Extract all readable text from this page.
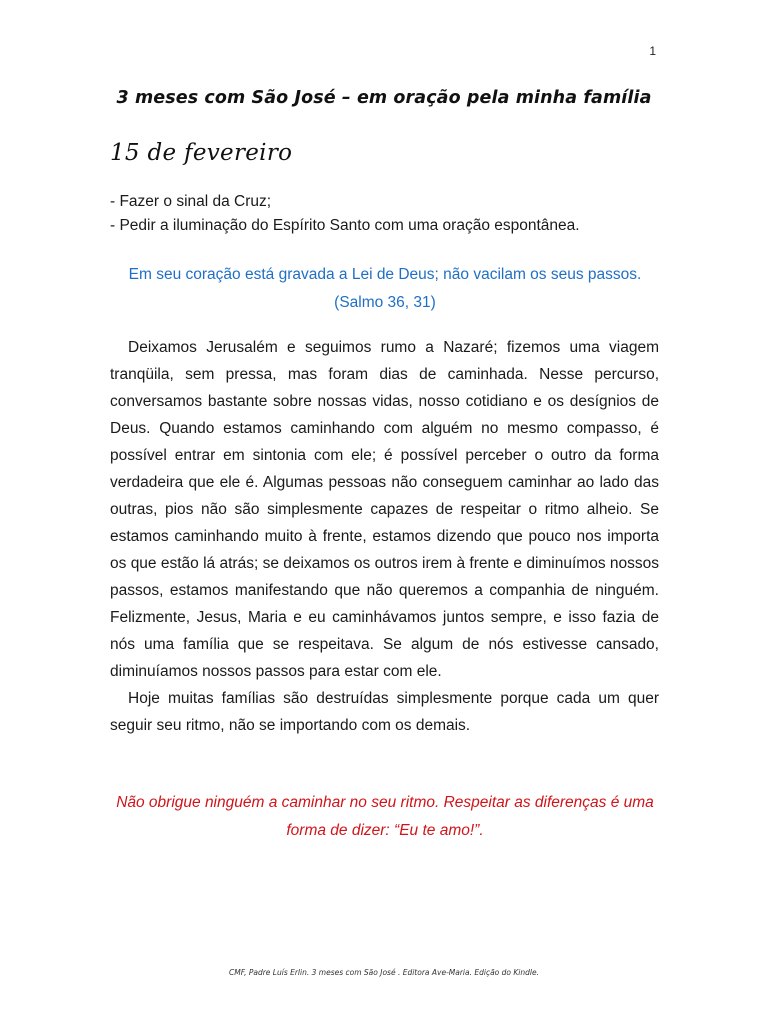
1
3 meses com São José – em oração pela minha família
15 de fevereiro
- Fazer o sinal da Cruz;
- Pedir a iluminação do Espírito Santo com uma oração espontânea.
Em seu coração está gravada a Lei de Deus; não vacilam os seus passos. (Salmo 36, 31)

Deixamos Jerusalém e seguimos rumo a Nazaré; fizemos uma viagem tranqüila, sem pressa, mas foram dias de caminhada. Nesse percurso, conversamos bastante sobre nossas vidas, nosso cotidiano e os desígnios de Deus. Quando estamos caminhando com alguém no mesmo compasso, é possível entrar em sintonia com ele; é possível perceber o outro da forma verdadeira que ele é. Algumas pessoas não conseguem caminhar ao lado das outras, pios não são simplesmente capazes de respeitar o ritmo alheio. Se estamos caminhando muito à frente, estamos dizendo que pouco nos importa os que estão lá atrás; se deixamos os outros irem à frente e diminuímos nossos passos, estamos manifestando que não queremos a companhia de ninguém. Felizmente, Jesus, Maria e eu caminhávamos juntos sempre, e isso fazia de nós uma família que se respeitava. Se algum de nós estivesse cansado, diminuíamos nossos passos para estar com ele.

Hoje muitas famílias são destruídas simplesmente porque cada um quer seguir seu ritmo, não se importando com os demais.

Não obrigue ninguém a caminhar no seu ritmo. Respeitar as diferenças é uma forma de dizer: “Eu te amo!”.
CMF, Padre Luís Erlin. 3 meses com São José . Editora Ave-Maria. Edição do Kindle.
